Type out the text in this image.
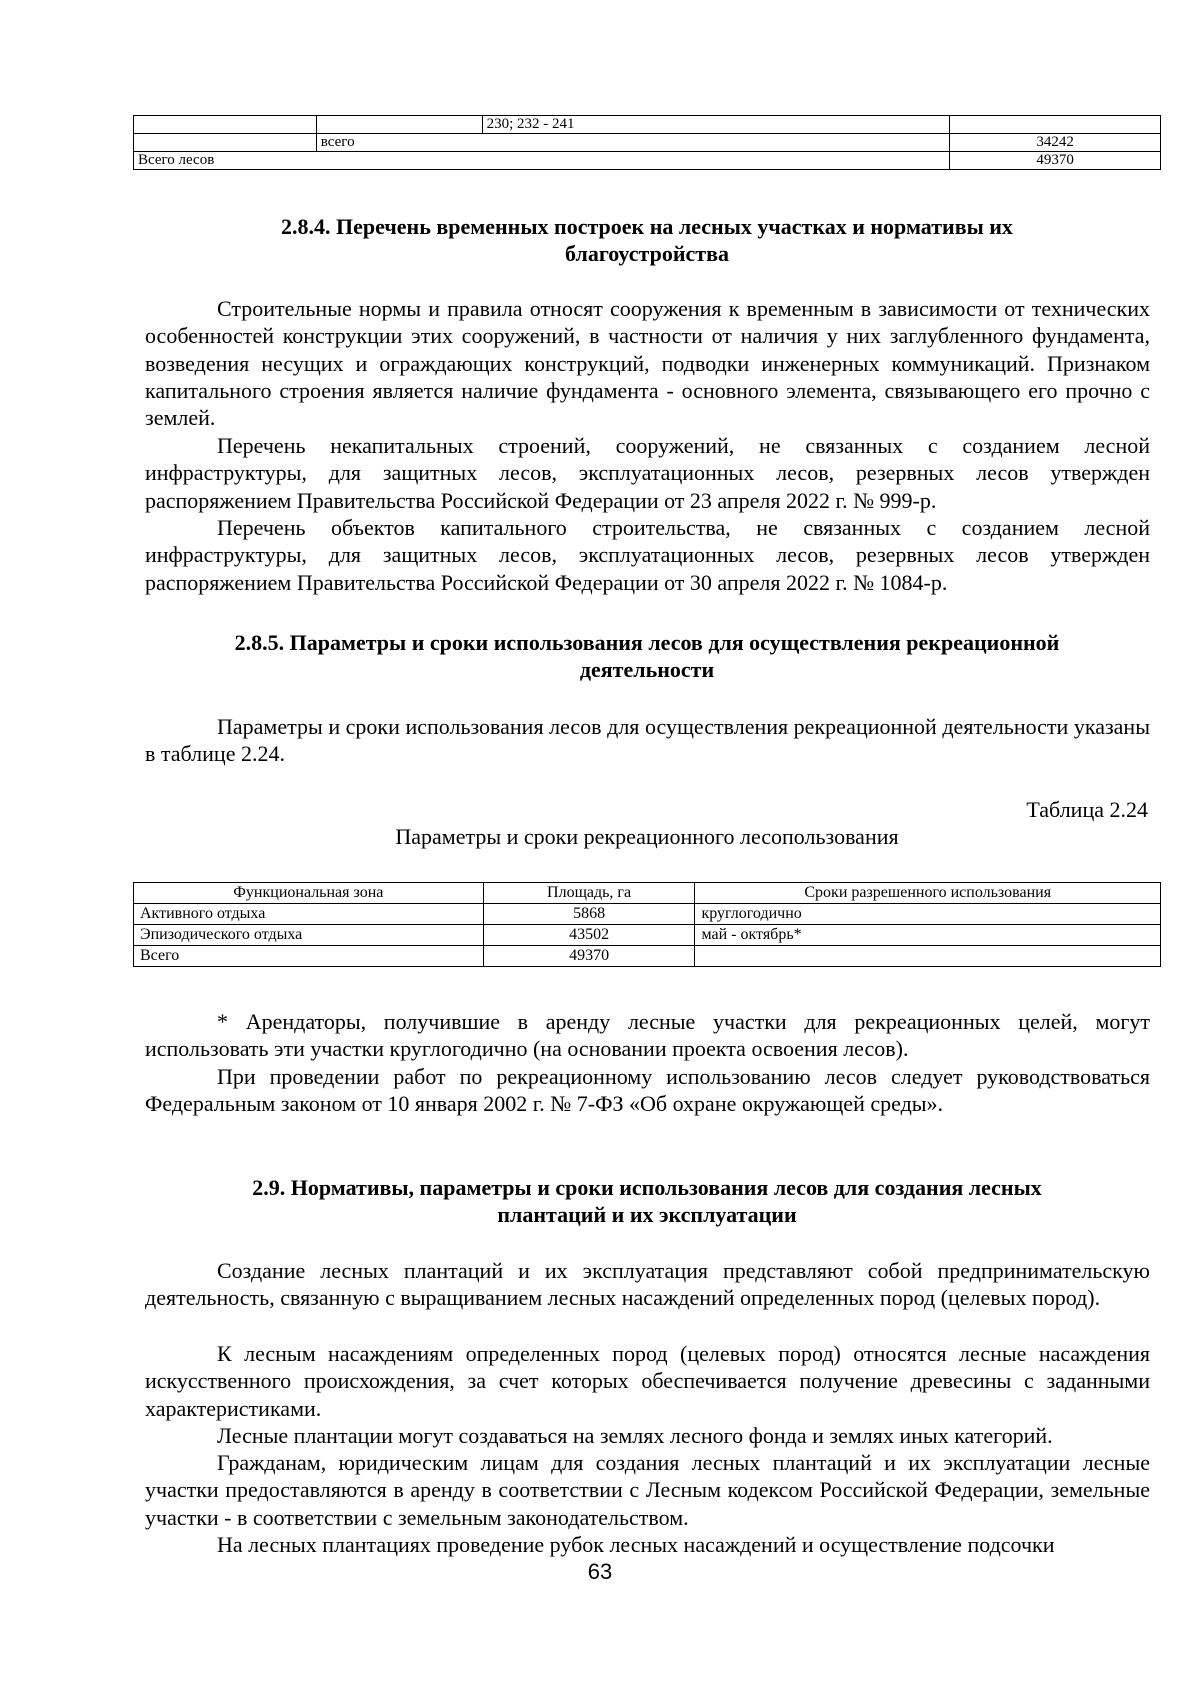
		230; 232 - 241	
	всего		34242
Всего лесов			49370
2.8.4. Перечень временных построек на лесных участках и нормативы их
благоустройства

Строительные нормы и правила относят сооружения к временным в зависимости от технических особенностей конструкции этих сооружений, в частности от наличия у них заглубленного фундамента, возведения несущих и ограждающих конструкций, подводки инженерных коммуникаций. Признаком капитального строения является наличие фундамента - основного элемента, связывающего его прочно с землей.

Перечень некапитальных строений, сооружений, не связанных с созданием лесной инфраструктуры, для защитных лесов, эксплуатационных лесов, резервных лесов утвержден распоряжением Правительства Российской Федерации от 23 апреля 2022 г. № 999-р.

Перечень объектов капитального строительства, не связанных с созданием лесной инфраструктуры, для защитных лесов, эксплуатационных лесов, резервных лесов утвержден распоряжением Правительства Российской Федерации от 30 апреля 2022 г. № 1084-р.

2.8.5. Параметры и сроки использования лесов для осуществления рекреационной
деятельности

Параметры и сроки использования лесов для осуществления рекреационной деятельности указаны в таблице 2.24.

Таблица 2.24
Параметры и сроки рекреационного лесопользования
Функциональная зона	Площадь, га	Сроки разрешенного использования
Активного отдыха	5868	круглогодично
Эпизодического отдыха	43502	май - октябрь*
Всего	49370	

* Арендаторы, получившие в аренду лесные участки для рекреационных целей, могут использовать эти участки круглогодично (на основании проекта освоения лесов).

При проведении работ по рекреационному использованию лесов следует руководствоваться Федеральным законом от 10 января 2002 г. № 7-ФЗ «Об охране окружающей среды».

2.9. Нормативы, параметры и сроки использования лесов для создания лесных
плантаций и их эксплуатации

Создание лесных плантаций и их эксплуатация представляют собой предпринимательскую деятельность, связанную с выращиванием лесных насаждений определенных пород (целевых пород).

К лесным насаждениям определенных пород (целевых пород) относятся лесные насаждения искусственного происхождения, за счет которых обеспечивается получение древесины с заданными характеристиками.

Лесные плантации могут создаваться на землях лесного фонда и землях иных категорий.

Гражданам, юридическим лицам для создания лесных плантаций и их эксплуатации лесные участки предоставляются в аренду в соответствии с Лесным кодексом Российской Федерации, земельные участки - в соответствии с земельным законодательством.

На лесных плантациях проведение рубок лесных насаждений и осуществление подсочки

63
